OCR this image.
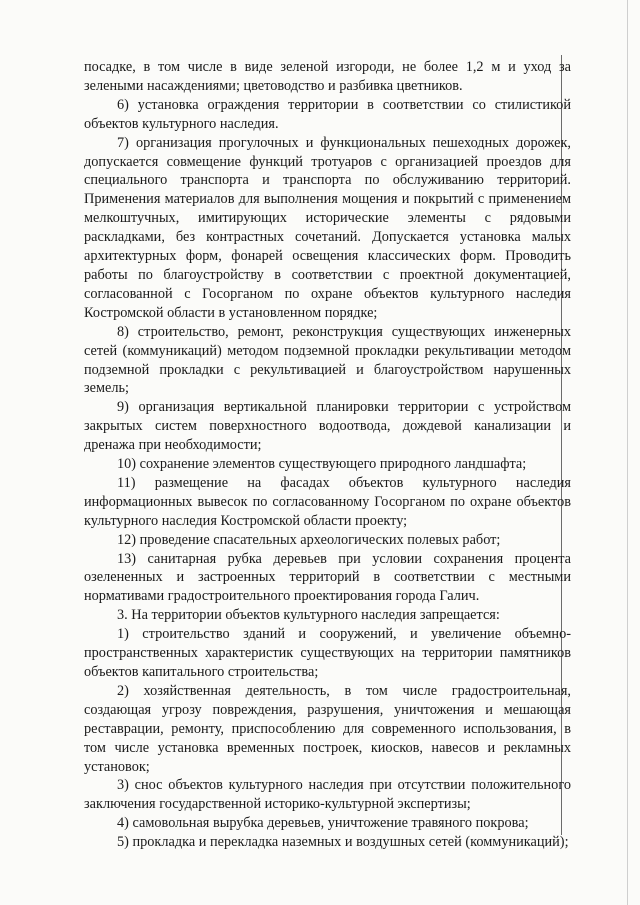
посадке, в том числе в виде зеленой изгороди, не более 1,2 м и уход за зелеными насаждениями; цветоводство и разбивка цветников.

6) установка ограждения территории в соответствии со стилистикой объектов культурного наследия.

7) организация прогулочных и функциональных пешеходных дорожек, допускается совмещение функций тротуаров с организацией проездов для специального транспорта и транспорта по обслуживанию территорий. Применения материалов для выполнения мощения и покрытий с применением мелкоштучных, имитирующих исторические элементы с рядовыми раскладками, без контрастных сочетаний. Допускается установка малых архитектурных форм, фонарей освещения классических форм. Проводить работы по благоустройству в соответствии с проектной документацией, согласованной с Госорганом по охране объектов культурного наследия Костромской области в установленном порядке;

8) строительство, ремонт, реконструкция существующих инженерных сетей (коммуникаций) методом подземной прокладки рекультивации методом подземной прокладки с рекультивацией и благоустройством нарушенных земель;

9) организация вертикальной планировки территории с устройством закрытых систем поверхностного водоотвода, дождевой канализации и дренажа при необходимости;

10) сохранение элементов существующего природного ландшафта;

11) размещение на фасадах объектов культурного наследия информационных вывесок по согласованному Госорганом по охране объектов культурного наследия Костромской области проекту;

12) проведение спасательных археологических полевых работ;

13) санитарная рубка деревьев при условии сохранения процента озелененных и застроенных территорий в соответствии с местными нормативами градостроительного проектирования города Галич.

3. На территории объектов культурного наследия запрещается:

1) строительство зданий и сооружений, и увеличение объемно-пространственных характеристик существующих на территории памятников объектов капитального строительства;

2) хозяйственная деятельность, в том числе градостроительная, создающая угрозу повреждения, разрушения, уничтожения и мешающая реставрации, ремонту, приспособлению для современного использования, в том числе установка временных построек, киосков, навесов и рекламных установок;

3) снос объектов культурного наследия при отсутствии положительного заключения государственной историко-культурной экспертизы;

4) самовольная вырубка деревьев, уничтожение травяного покрова;

5) прокладка и перекладка наземных и воздушных сетей (коммуникаций);
